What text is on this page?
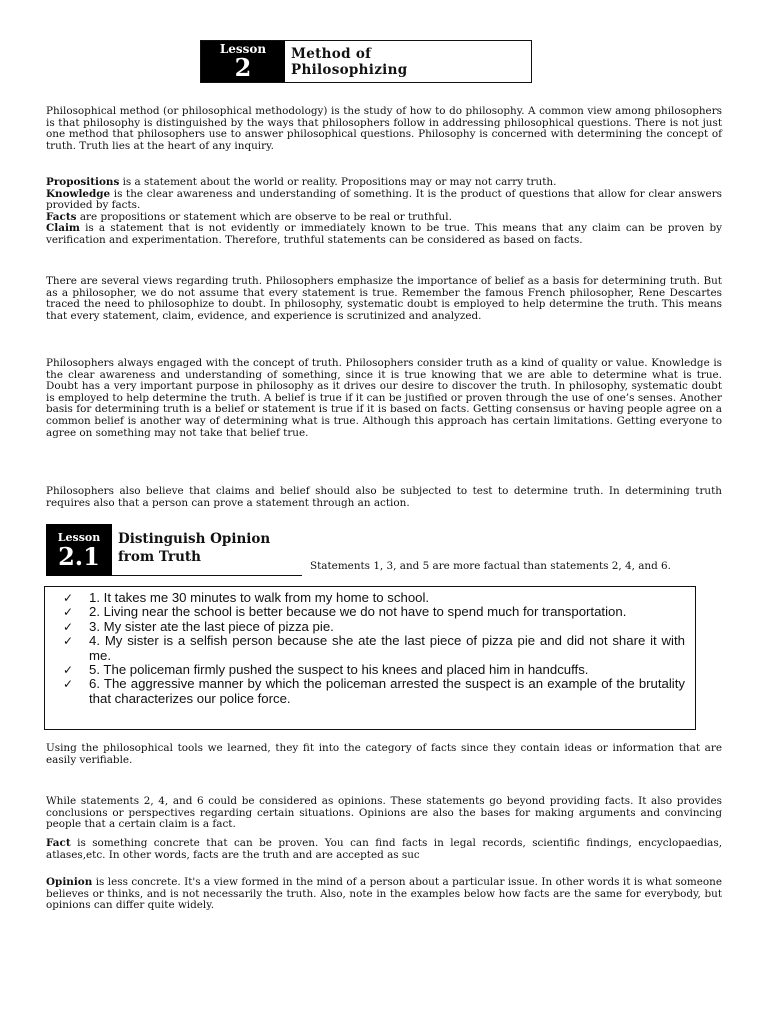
Lesson
2	Method of
Philosophizing

Philosophical method (or philosophical methodology) is the study of how to do philosophy. A common view among philosophers is that philosophy is distinguished by the ways that philosophers follow in addressing philosophical questions. There is not just one method that philosophers use to answer philosophical questions. Philosophy is concerned with determining the concept of truth. Truth lies at the heart of any inquiry.

Propositions is a statement about the world or reality. Propositions may or may not carry truth.
Knowledge is the clear awareness and understanding of something. It is the product of questions that allow for clear answers provided by facts.
Facts are propositions or statement which are observe to be real or truthful.
Claim is a statement that is not evidently or immediately known to be true. This means that any claim can be proven by verification and experimentation. Therefore, truthful statements can be considered as based on facts.

There are several views regarding truth. Philosophers emphasize the importance of belief as a basis for determining truth. But as a philosopher, we do not assume that every statement is true. Remember the famous French philosopher, Rene Descartes traced the need to philosophize to doubt. In philosophy, systematic doubt is employed to help determine the truth. This means that every statement, claim, evidence, and experience is scrutinized and analyzed.

Philosophers always engaged with the concept of truth. Philosophers consider truth as a kind of quality or value. Knowledge is the clear awareness and understanding of something, since it is true knowing that we are able to determine what is true. Doubt has a very important purpose in philosophy as it drives our desire to discover the truth. In philosophy, systematic doubt is employed to help determine the truth. A belief is true if it can be justified or proven through the use of one’s senses. Another basis for determining truth is a belief or statement is true if it is based on facts. Getting consensus or having people agree on a common belief is another way of determining what is true. Although this approach has certain limitations. Getting everyone to agree on something may not take that belief true.

Philosophers also believe that claims and belief should also be subjected to test to determine truth. In determining truth requires also that a person can prove a statement through an action.

Lesson
2.1
Distinguish Opinion
from Truth
Statements 1, 3, and 5 are more factual than statements 2, 4, and 6.
✓ 1. It takes me 30 minutes to walk from my home to school.
✓ 2. Living near the school is better because we do not have to spend much for transportation.
✓ 3. My sister ate the last piece of pizza pie.
✓ 4. My sister is a selfish person because she ate the last piece of pizza pie and did not share it with me.
✓ 5. The policeman firmly pushed the suspect to his knees and placed him in handcuffs.
✓ 6. The aggressive manner by which the policeman arrested the suspect is an example of the brutality that characterizes our police force.

Using the philosophical tools we learned, they fit into the category of facts since they contain ideas or information that are easily verifiable.

While statements 2, 4, and 6 could be considered as opinions. These statements go beyond providing facts. It also provides conclusions or perspectives regarding certain situations. Opinions are also the bases for making arguments and convincing people that a certain claim is a fact.

Fact is something concrete that can be proven. You can find facts in legal records, scientific findings, encyclopaedias, atlases,etc. In other words, facts are the truth and are accepted as suc
Opinion is less concrete. It's a view formed in the mind of a person about a particular issue. In other words it is what someone believes or thinks, and is not necessarily the truth. Also, note in the examples below how facts are the same for everybody, but opinions can differ quite widely.
